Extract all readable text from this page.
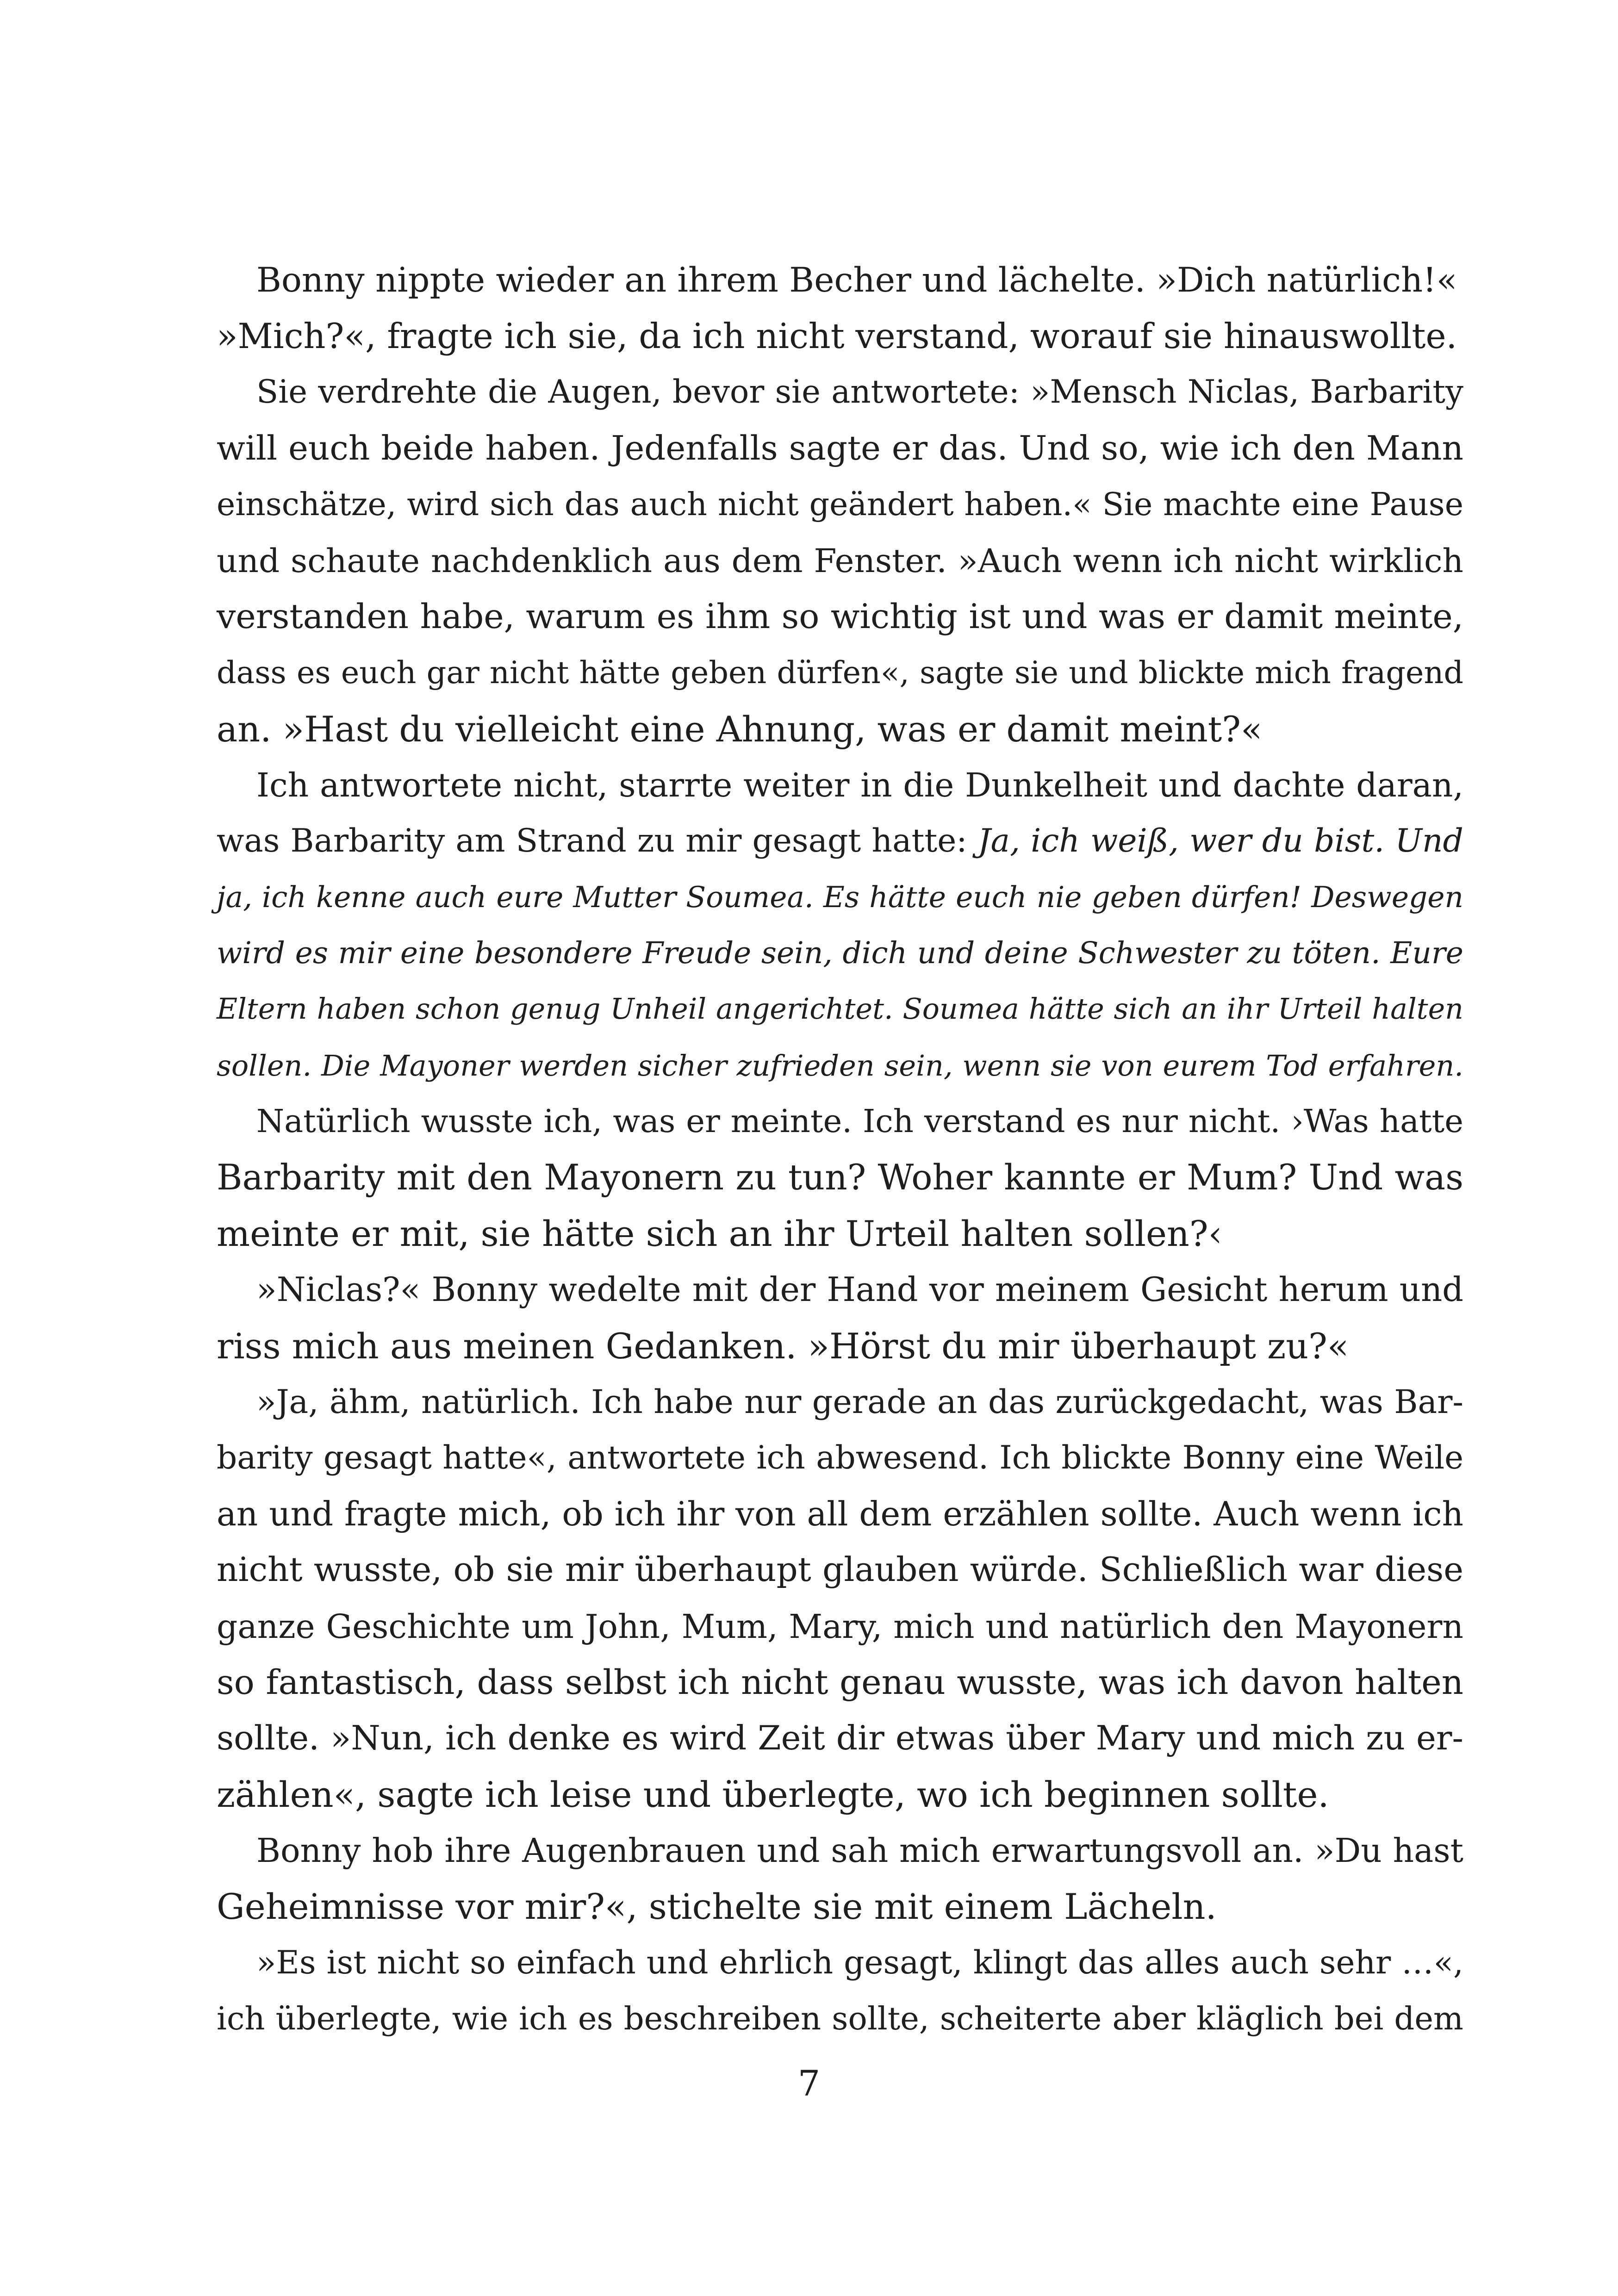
Bonny nippte wieder an ihrem Becher und lächelte. »Dich natürlich!«
»Mich?«, fragte ich sie, da ich nicht verstand, worauf sie hinauswollte.
Sie verdrehte die Augen, bevor sie antwortete: »Mensch Niclas, Barbarity
will euch beide haben. Jedenfalls sagte er das. Und so, wie ich den Mann
einschätze, wird sich das auch nicht geändert haben.« Sie machte eine Pause
und schaute nachdenklich aus dem Fenster. »Auch wenn ich nicht wirklich
verstanden habe, warum es ihm so wichtig ist und was er damit meinte,
dass es euch gar nicht hätte geben dürfen«, sagte sie und blickte mich fragend
an. »Hast du vielleicht eine Ahnung, was er damit meint?«
Ich antwortete nicht, starrte weiter in die Dunkelheit und dachte daran,
was Barbarity am Strand zu mir gesagt hatte: Ja, ich weiß, wer du bist. Und
ja, ich kenne auch eure Mutter Soumea. Es hätte euch nie geben dürfen! Deswegen
wird es mir eine besondere Freude sein, dich und deine Schwester zu töten. Eure
Eltern haben schon genug Unheil angerichtet. Soumea hätte sich an ihr Urteil halten
sollen. Die Mayoner werden sicher zufrieden sein, wenn sie von eurem Tod erfahren.
Natürlich wusste ich, was er meinte. Ich verstand es nur nicht. ›Was hatte
Barbarity mit den Mayonern zu tun? Woher kannte er Mum? Und was
meinte er mit, sie hätte sich an ihr Urteil halten sollen?‹
»Niclas?« Bonny wedelte mit der Hand vor meinem Gesicht herum und
riss mich aus meinen Gedanken. »Hörst du mir überhaupt zu?«
»Ja, ähm, natürlich. Ich habe nur gerade an das zurückgedacht, was Bar-
barity gesagt hatte«, antwortete ich abwesend. Ich blickte Bonny eine Weile
an und fragte mich, ob ich ihr von all dem erzählen sollte. Auch wenn ich
nicht wusste, ob sie mir überhaupt glauben würde. Schließlich war diese
ganze Geschichte um John, Mum, Mary, mich und natürlich den Mayonern
so fantastisch, dass selbst ich nicht genau wusste, was ich davon halten
sollte. »Nun, ich denke es wird Zeit dir etwas über Mary und mich zu er-
zählen«, sagte ich leise und überlegte, wo ich beginnen sollte.
Bonny hob ihre Augenbrauen und sah mich erwartungsvoll an. »Du hast
Geheimnisse vor mir?«, stichelte sie mit einem Lächeln.
»Es ist nicht so einfach und ehrlich gesagt, klingt das alles auch sehr …«,
ich überlegte, wie ich es beschreiben sollte, scheiterte aber kläglich bei dem
7
